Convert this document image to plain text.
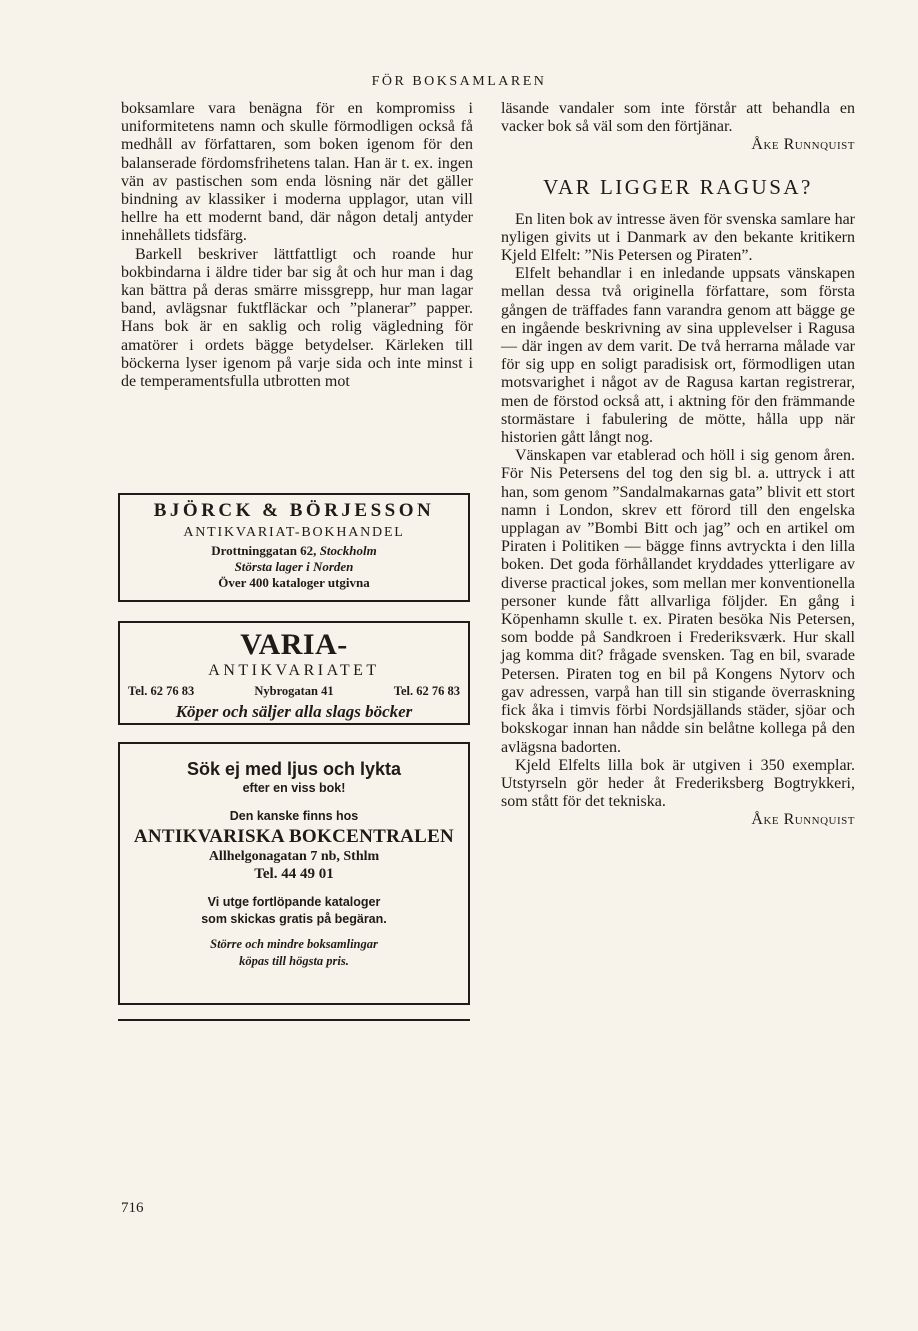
FÖR BOKSAMLAREN

boksamlare vara benägna för en kompromiss i uniformitetens namn och skulle förmodligen också få medhåll av författaren, som boken igenom för den balanserade fördomsfrihetens talan. Han är t. ex. ingen vän av pastischen som enda lösning när det gäller bindning av klassiker i moderna upplagor, utan vill hellre ha ett modernt band, där någon detalj antyder innehållets tidsfärg.

Barkell beskriver lättfattligt och roande hur bokbindarna i äldre tider bar sig åt och hur man i dag kan bättra på deras smärre missgrepp, hur man lagar band, avlägsnar fuktfläckar och ”planerar” papper. Hans bok är en saklig och rolig vägledning för amatörer i ordets bägge betydelser. Kärleken till böckerna lyser igenom på varje sida och inte minst i de temperamentsfulla utbrotten mot

BJÖRCK & BÖRJESSON
ANTIKVARIAT-BOKHANDEL
Drottninggatan 62, Stockholm
Största lager i Norden
Över 400 kataloger utgivna
VARIA-
ANTIKVARIATET
Tel. 62 76 83	Nybrogatan 41	Tel. 62 76 83
Köper och säljer alla slags böcker
Sök ej med ljus och lykta
efter en viss bok!
Den kanske finns hos
ANTIKVARISKA BOKCENTRALEN
Allhelgonagatan 7 nb, Sthlm
Tel. 44 49 01
Vi utge fortlöpande kataloger
som skickas gratis på begäran.
Större och mindre boksamlingar
köpas till högsta pris.

läsande vandaler som inte förstår att behandla en vacker bok så väl som den förtjänar.

Åke Runnquist

VAR LIGGER RAGUSA?

En liten bok av intresse även för svenska samlare har nyligen givits ut i Danmark av den bekante kritikern Kjeld Elfelt: ”Nis Petersen og Piraten”.

Elfelt behandlar i en inledande uppsats vänskapen mellan dessa två originella författare, som första gången de träffades fann varandra genom att bägge ge en ingående beskrivning av sina upplevelser i Ragusa — där ingen av dem varit. De två herrarna målade var för sig upp en soligt paradisisk ort, förmodligen utan motsvarighet i något av de Ragusa kartan registrerar, men de förstod också att, i aktning för den främmande stormästare i fabulering de mötte, hålla upp när historien gått långt nog.

Vänskapen var etablerad och höll i sig genom åren. För Nis Petersens del tog den sig bl. a. uttryck i att han, som genom ”Sandalmakarnas gata” blivit ett stort namn i London, skrev ett förord till den engelska upplagan av ”Bombi Bitt och jag” och en artikel om Piraten i Politiken — bägge finns avtryckta i den lilla boken. Det goda förhållandet kryddades ytterligare av diverse practical jokes, som mellan mer konventionella personer kunde fått allvarliga följder. En gång i Köpenhamn skulle t. ex. Piraten besöka Nis Petersen, som bodde på Sandkroen i Frederiksværk. Hur skall jag komma dit? frågade svensken. Tag en bil, svarade Petersen. Piraten tog en bil på Kongens Nytorv och gav adressen, varpå han till sin stigande överraskning fick åka i timvis förbi Nordsjällands städer, sjöar och bokskogar innan han nådde sin belåtne kollega på den avlägsna badorten.

Kjeld Elfelts lilla bok är utgiven i 350 exemplar. Utstyrseln gör heder åt Frederiksberg Bogtrykkeri, som stått för det tekniska.

Åke Runnquist

716
